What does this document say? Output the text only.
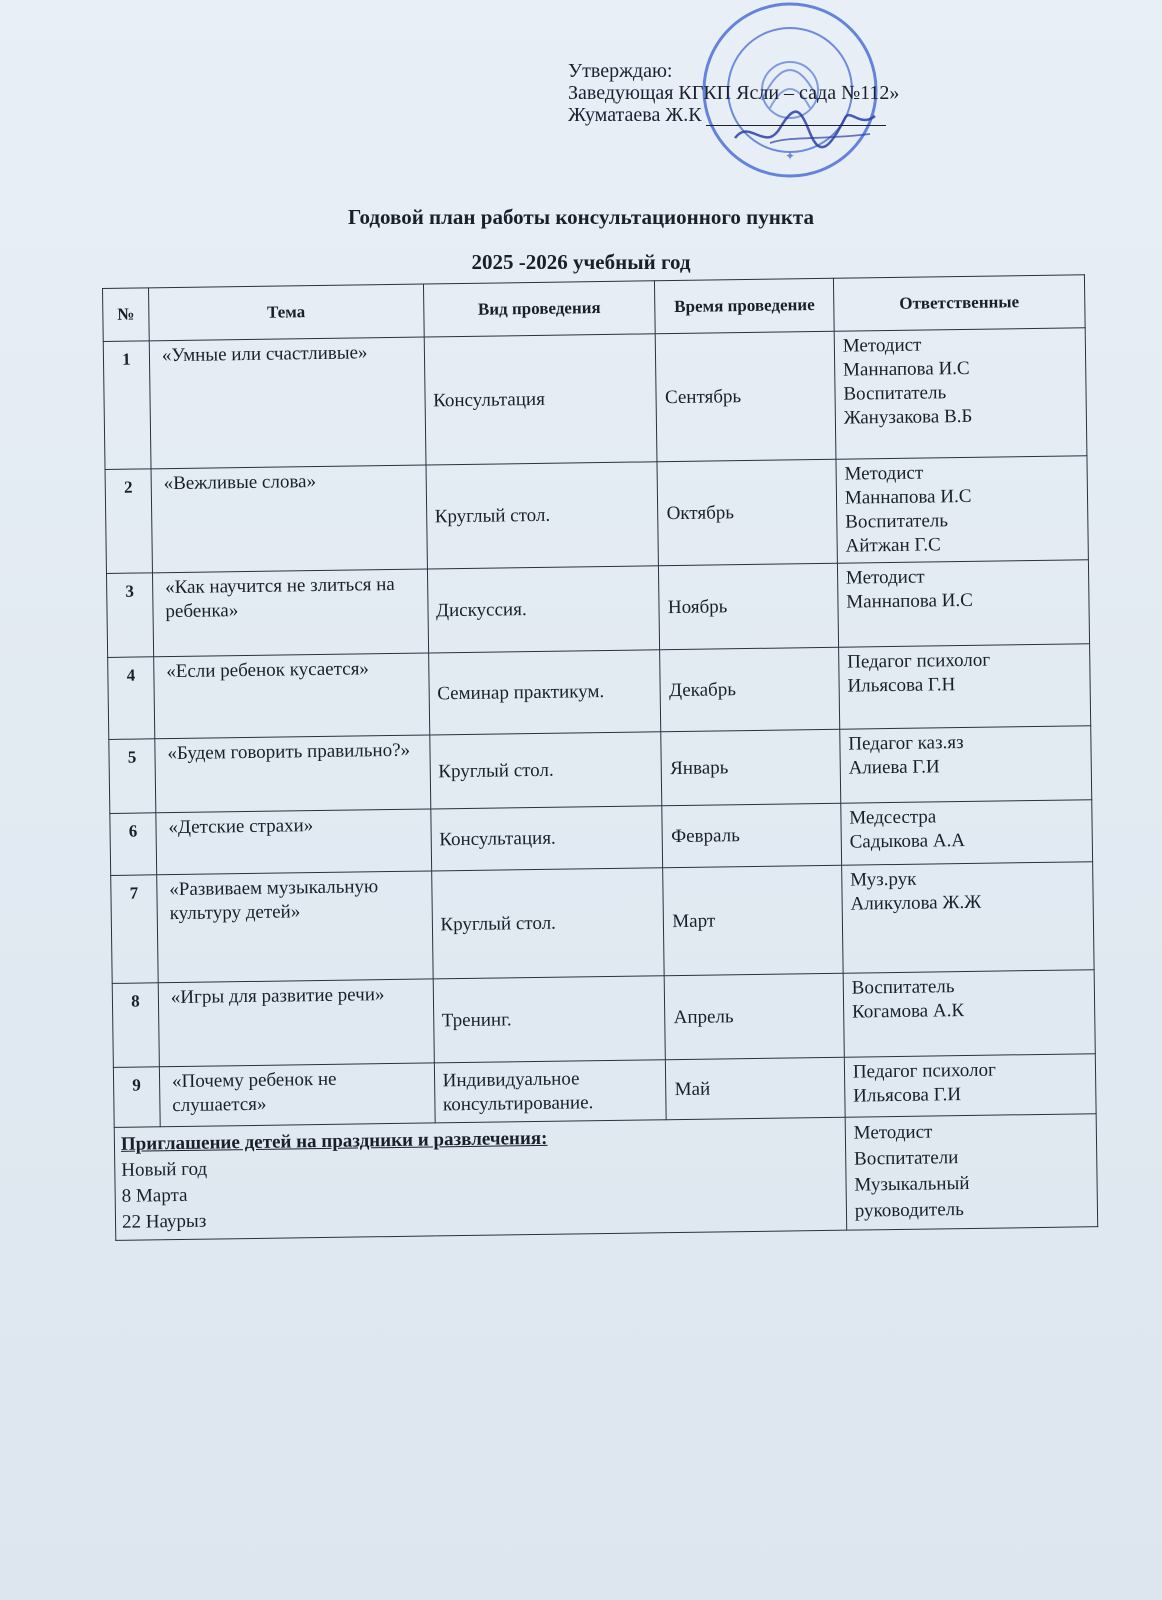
✦
Утверждаю:
Заведующая КГКП Ясли – сада №112»
Жуматаева Ж.К
Годовой план работы консультационного пункта
2025 -2026 учебный год
№	Тема	Вид проведения	Время проведение	Ответственные
1	«Умные или счастливые»	Консультация	Сентябрь	Методист
Маннапова И.С
Воспитатель
Жанузакова В.Б

2	«Вежливые слова»	Круглый стол.	Октябрь	Методист
Маннапова И.С
Воспитатель
Айтжан Г.С

3	«Как научится не злиться на ребенка»	Дискуссия.	Ноябрь	Методист
Маннапова И.С

4	«Если ребенок кусается»	Семинар практикум.	Декабрь	Педагог психолог
Ильясова Г.Н

5	«Будем говорить правильно?»	Круглый стол.	Январь	Педагог каз.яз
Алиева Г.И

6	«Детские страхи»	Консультация.	Февраль	Медсестра
Садыкова А.А

7	«Развиваем музыкальную культуру детей»	Круглый стол.	Март	Муз.рук
Аликулова Ж.Ж

8	«Игры для развитие речи»	Тренинг.	Апрель	Воспитатель
Когамова А.К

9	«Почему ребенок не слушается»	Индивидуальное консультирование.	Май	Педагог психолог
Ильясова Г.И

Приглашение детей на праздники и развлечения:
Новый год
8 Марта
22 Наурыз				Методист
Воспитатели
Музыкальный
руководитель
